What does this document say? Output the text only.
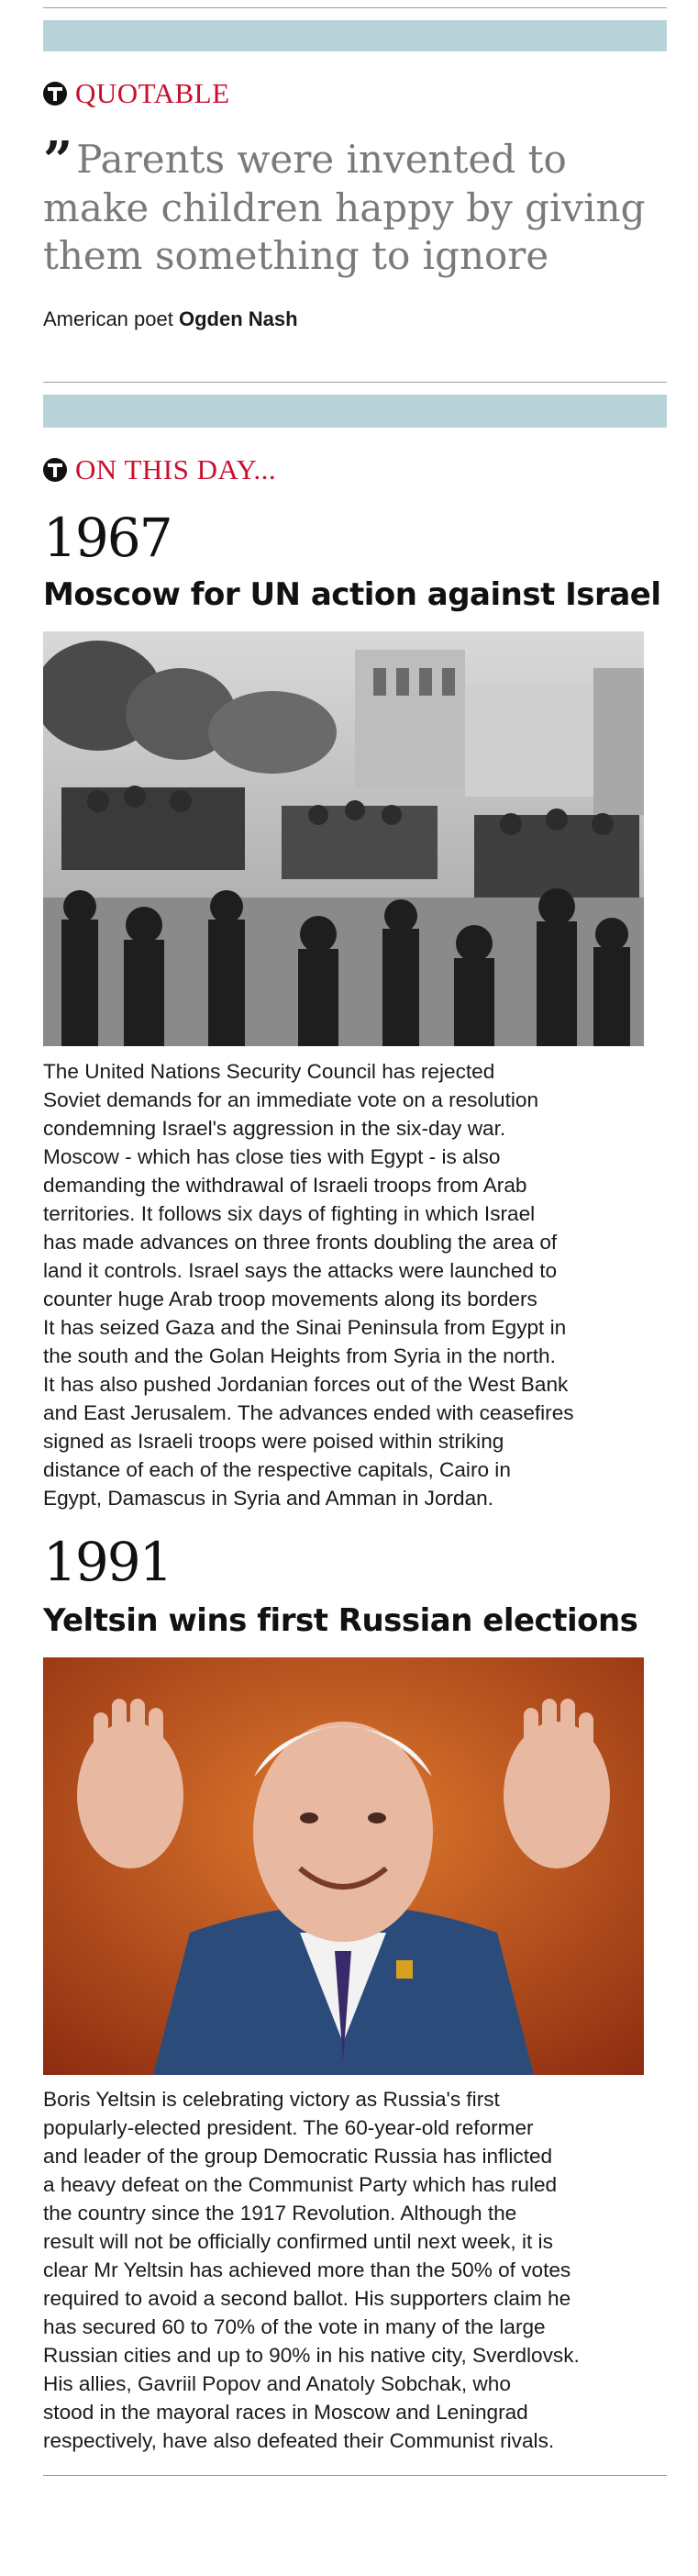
QUOTABLE
”Parents were invented to
make children happy by giving
them something to ignore
American poet Ogden Nash
ON THIS DAY...
1967
Moscow for UN action against Israel
The United Nations Security Council has rejected
Soviet demands for an immediate vote on a resolution
condemning Israel's aggression in the six-day war.
Moscow - which has close ties with Egypt - is also
demanding the withdrawal of Israeli troops from Arab
territories. It follows six days of fighting in which Israel
has made advances on three fronts doubling the area of
land it controls. Israel says the attacks were launched to
counter huge Arab troop movements along its borders
It has seized Gaza and the Sinai Peninsula from Egypt in
the south and the Golan Heights from Syria in the north.
It has also pushed Jordanian forces out of the West Bank
and East Jerusalem. The advances ended with ceasefires
signed as Israeli troops were poised within striking
distance of each of the respective capitals, Cairo in
Egypt, Damascus in Syria and Amman in Jordan.
1991
Yeltsin wins first Russian elections
Boris Yeltsin is celebrating victory as Russia's first
popularly-elected president. The 60-year-old reformer
and leader of the group Democratic Russia has inflicted
a heavy defeat on the Communist Party which has ruled
the country since the 1917 Revolution. Although the
result will not be officially confirmed until next week, it is
clear Mr Yeltsin has achieved more than the 50% of votes
required to avoid a second ballot. His supporters claim he
has secured 60 to 70% of the vote in many of the large
Russian cities and up to 90% in his native city, Sverdlovsk.
His allies, Gavriil Popov and Anatoly Sobchak, who
stood in the mayoral races in Moscow and Leningrad
respectively, have also defeated their Communist rivals.
